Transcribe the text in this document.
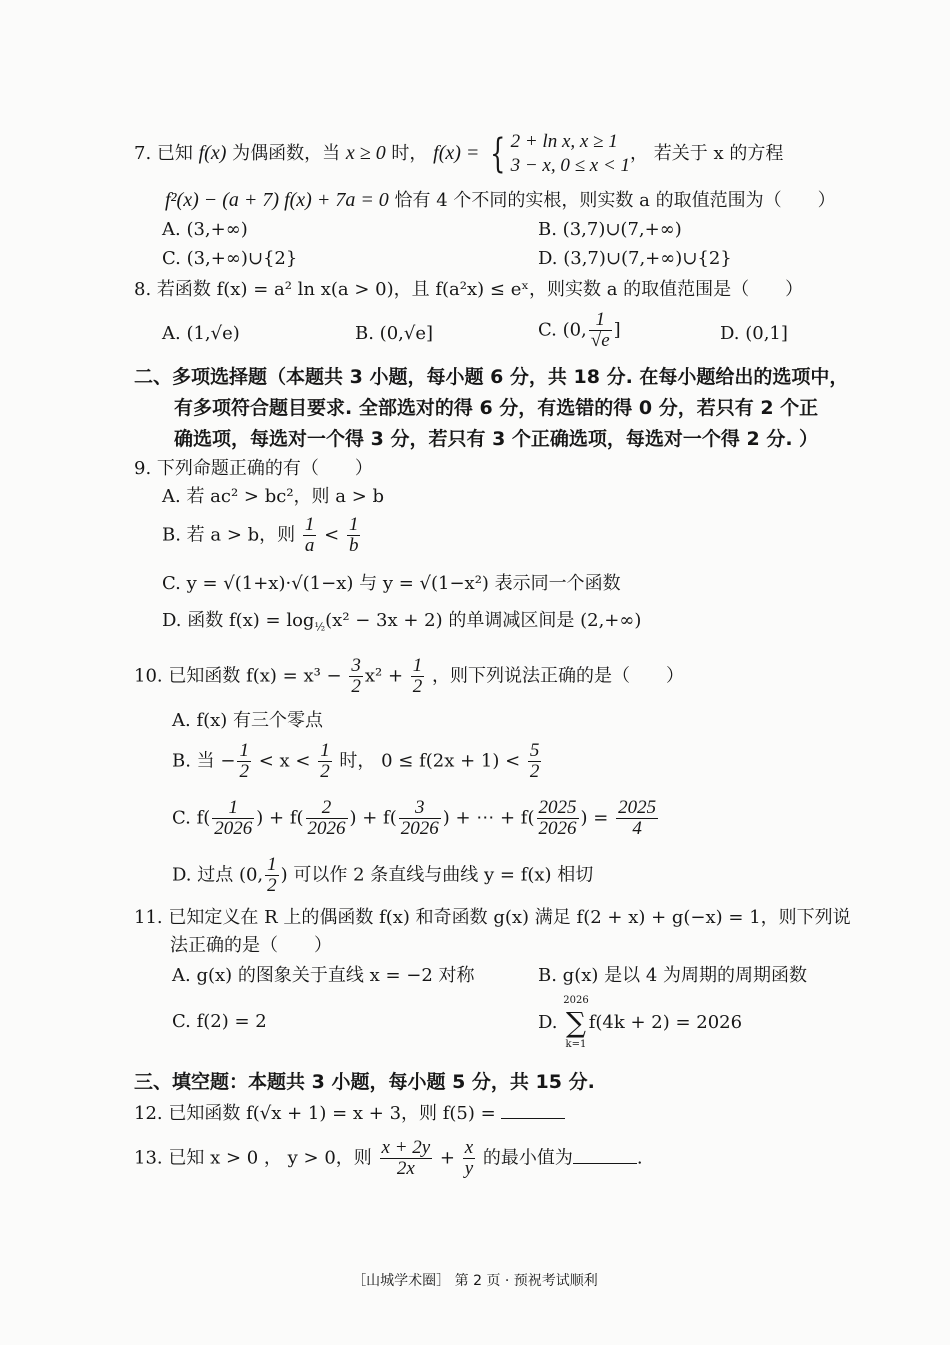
7. 已知 f(x) 为偶函数，当 x ≥ 0 时， f(x) = { 2 + ln x, x ≥ 1
3 − x, 0 ≤ x < 1
， 若关于 x 的方程
f²(x) − (a + 7) f(x) + 7a = 0 恰有 4 个不同的实根，则实数 a 的取值范围为（　　）
A. (3,+∞)	B. (3,7)∪(7,+∞)
C. (3,+∞)∪{2}	D. (3,7)∪(7,+∞)∪{2}
8. 若函数 f(x) = a² ln x(a > 0)，且 f(a²x) ≤ eˣ，则实数 a 的取值范围是（　　）
A. (1,√e)	B. (0,√e]	C. (0, $\frac{1}{√e}$ ]	D. (0,1]
二、多项选择题（本题共 3 小题，每小题 6 分，共 18 分. 在每小题给出的选项中，
有多项符合题目要求. 全部选对的得 6 分，有选错的得 0 分，若只有 2 个正
确选项，每选对一个得 3 分，若只有 3 个正确选项，每选对一个得 2 分. ）
9. 下列命题正确的有（　　）
A. 若 ac² > bc²，则 a > b
B. 若 a > b，则 $\frac{1}{a} < \frac{1}{b}$
C. y = √(1+x)·√(1−x) 与 y = √(1−x²) 表示同一个函数
D. 函数 $f(x) = \log_{\frac{1}{2}}(x^2 - 3x + 2)$ 的单调减区间是 (2,+∞)
10. 已知函数 $f(x) = x^3 - \frac{3}{2} x^2 + \frac{1}{2}$ ，则下列说法正确的是（　　）
A. f(x) 有三个零点
B. 当 − $\frac{1}{2} < x < \frac{1}{2}$ 时， $0 \le f(2x + 1) < \frac{5}{2}$
C. $f( \frac{1}{2026}$ ) + $f( \frac{2}{2026}$ ) + $f( \frac{3}{2026}$ ) + ⋯ + $f( \frac{2025}{2026}$ ) = $\frac{2025}{4}$
D. 过点 (0, $\frac{1}{2}$ ) 可以作 2 条直线与曲线 y = f(x) 相切
11. 已知定义在 R 上的偶函数 f(x) 和奇函数 g(x) 满足 f(2 + x) + g(−x) = 1，则下列说
法正确的是（　　）
A. g(x) 的图象关于直线 x = −2 对称	B. g(x) 是以 4 为周期的周期函数
C. f(2) = 2	D.
2026
∑
k=1
f(4k + 2) = 2026
三、填空题：本题共 3 小题，每小题 5 分，共 15 分.
12. 已知函数 f(√x + 1) = x + 3，则 f(5) =
13. 已知 x > 0 ， y > 0，则 $\frac{x + 2y}{2x} + \frac{x}{y}$ 的最小值为	.
［山城学术圈］ 第 2 页 · 预祝考试顺利
